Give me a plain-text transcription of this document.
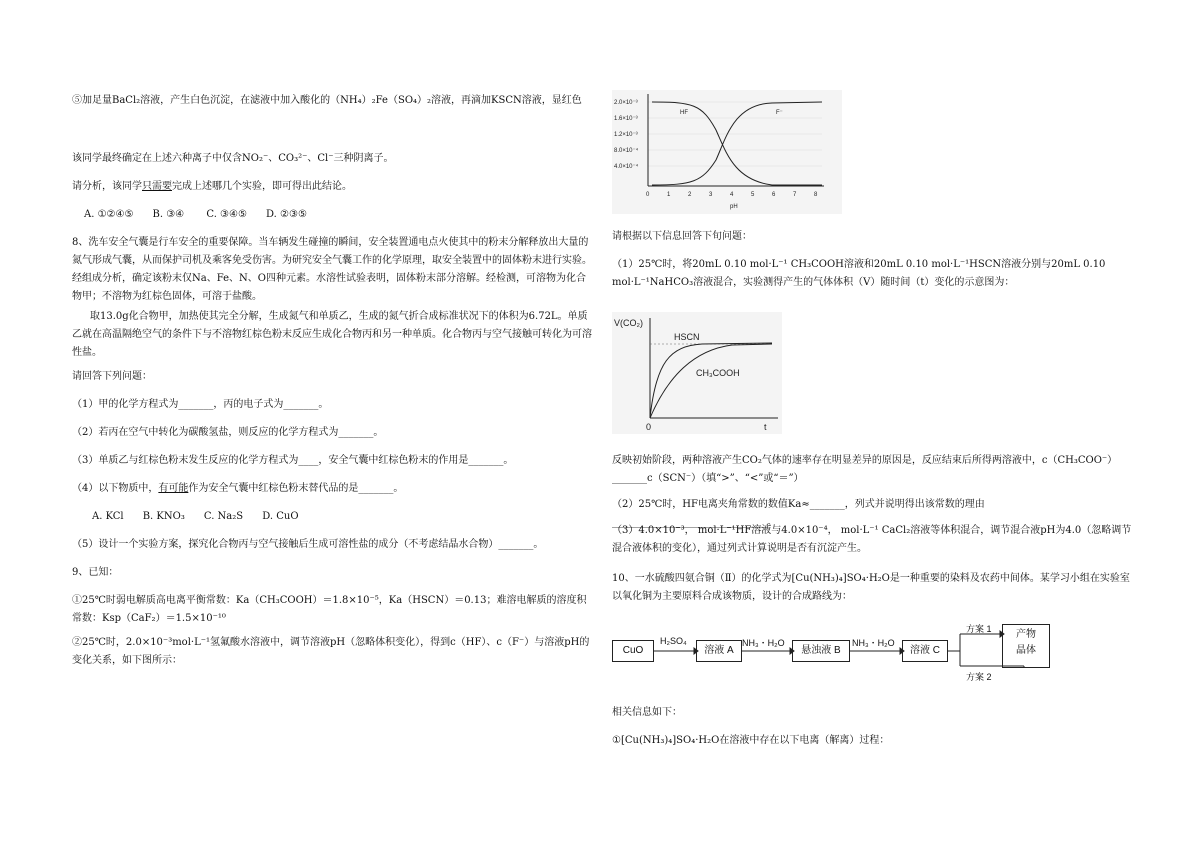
⑤加足量BaCl₂溶液，产生白色沉淀，在滤液中加入酸化的（NH₄）₂Fe（SO₄）₂溶液，再滴加KSCN溶液，显红色
该同学最终确定在上述六种离子中仅含NO₂⁻、CO₃²⁻、Cl⁻三种阴离子。
请分析，该同学只需要完成上述哪几个实验，即可得出此结论。
A. ①②④⑤      B. ③④       C. ③④⑤      D. ②③⑤
8、洗车安全气囊是行车安全的重要保障。当车辆发生碰撞的瞬间，安全装置通电点火使其中的粉末分解释放出大量的氮气形成气囊，从而保护司机及乘客免受伤害。为研究安全气囊工作的化学原理，取安全装置中的固体粉末进行实验。经组成分析，确定该粉末仅Na、Fe、N、O四种元素。水溶性试验表明，固体粉末部分溶解。经检测，可溶物为化合物甲；不溶物为红棕色固体，可溶于盐酸。
取13.0g化合物甲，加热使其完全分解，生成氮气和单质乙，生成的氮气折合成标准状况下的体积为6.72L。单质乙就在高温隔绝空气的条件下与不溶物红棕色粉末反应生成化合物丙和另一种单质。化合物丙与空气接触可转化为可溶性盐。
请回答下列问题：
（1）甲的化学方程式为_______，丙的电子式为_______。
（2）若丙在空气中转化为碳酸氢盐，则反应的化学方程式为_______。
（3）单质乙与红棕色粉末发生反应的化学方程式为____，安全气囊中红棕色粉末的作用是_______。
（4）以下物质中，有可能作为安全气囊中红棕色粉末替代品的是_______。
A. KCl      B. KNO₃      C. Na₂S      D. CuO
（5）设计一个实验方案，探究化合物丙与空气接触后生成可溶性盐的成分（不考虑结晶水合物）_______。
9、已知：
①25℃时弱电解质高电离平衡常数：Ka（CH₃COOH）＝1.8×10⁻⁵，Ka（HSCN）＝0.13；难溶电解质的溶度积常数：Ksp（CaF₂）＝1.5×10⁻¹⁰
②25℃时，2.0×10⁻³mol·L⁻¹氢氟酸水溶液中，调节溶液pH（忽略体积变化），得到c（HF）、c（F⁻）与溶液pH的变化关系，如下图所示：
2.0×10⁻³
1.6×10⁻³
1.2×10⁻³
8.0×10⁻⁴
4.0×10⁻⁴
0	1	2	3	4	5	6	7	8
pH
HF	F⁻
请根据以下信息回答下旬问题：
（1）25℃时，将20mL 0.10 mol·L⁻¹ CH₃COOH溶液和20mL 0.10 mol·L⁻¹HSCN溶液分别与20mL 0.10 mol·L⁻¹NaHCO₃溶液混合，实验测得产生的气体体积（V）随时间（t）变化的示意图为：
V(CO₂)
HSCN
CH₃COOH
0	t
反映初始阶段，两种溶液产生CO₂气体的速率存在明显差异的原因是，反应结束后所得两溶液中，c（CH₃COO⁻）_______c（SCN⁻）（填“>”、“<”或“＝”）
（2）25℃时，HF电离夹角常数的数值Ka≈_______，列式并说明得出该常数的理由_______________________________。
（3）4.0×10⁻³， mol·L⁻¹HF溶液与4.0×10⁻⁴， mol·L⁻¹ CaCl₂溶液等体积混合，调节混合液pH为4.0（忽略调节混合液体积的变化），通过列式计算说明是否有沉淀产生。
10、一水硫酸四氨合铜（Ⅱ）的化学式为[Cu(NH₃)₄]SO₄·H₂O是一种重要的染料及农药中间体。某学习小组在实验室以氧化铜为主要原料合成该物质，设计的合成路线为：
CuO
H₂SO₄
溶液 A
NH₃・H₂O
悬浊液 B
NH₃・H₂O
溶液 C
方案 1
方案 2
产物
晶体
相关信息如下：
①[Cu(NH₃)₄]SO₄·H₂O在溶液中存在以下电离（解离）过程：
